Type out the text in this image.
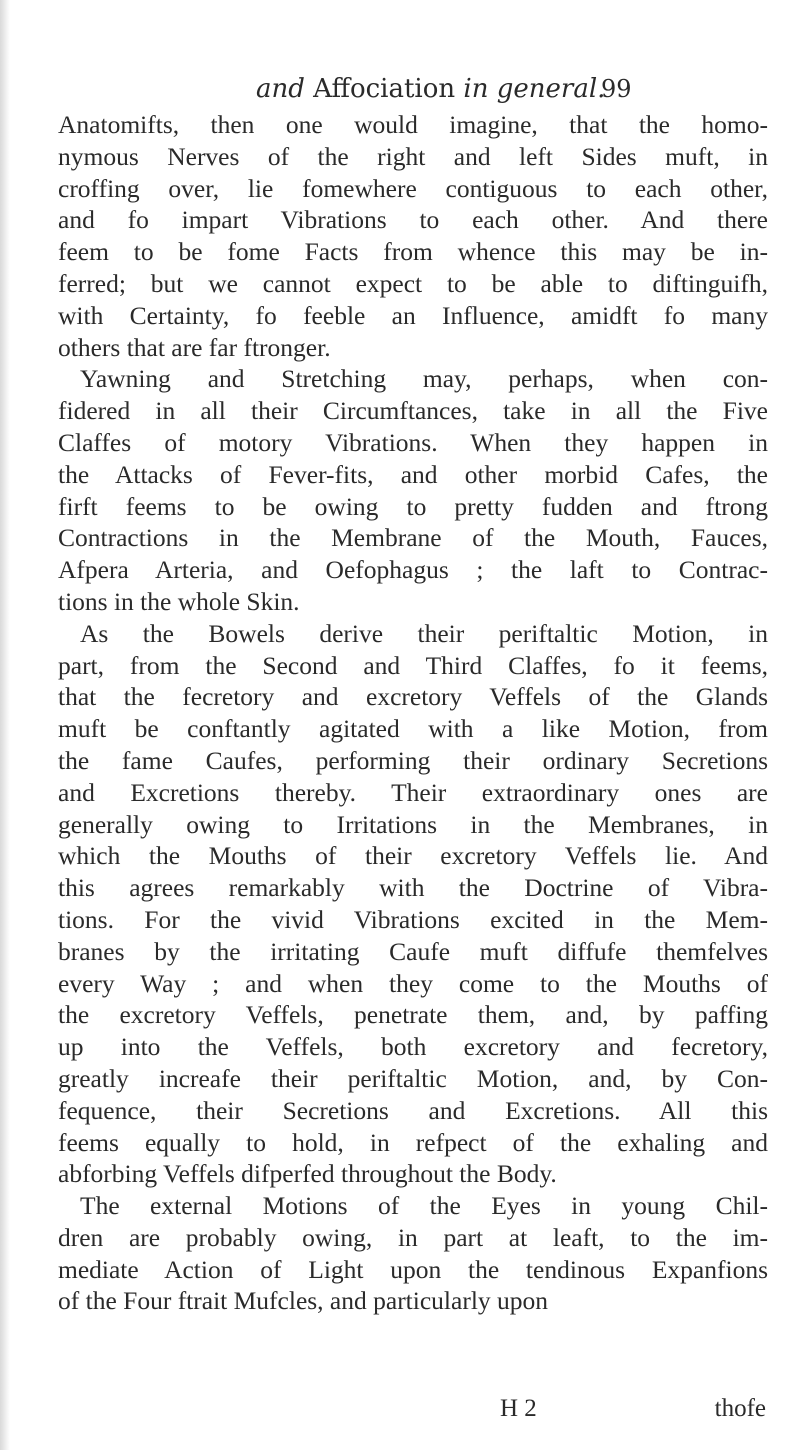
and Affociation in general.
99
Anatomifts, then one would imagine, that the homo-
nymous Nerves of the right and left Sides muft, in
croffing over, lie fomewhere contiguous to each other,
and fo impart Vibrations to each other. And there
feem to be fome Facts from whence this may be in-
ferred; but we cannot expect to be able to diftinguifh,
with Certainty, fo feeble an Influence, amidft fo many
others that are far ftronger.
Yawning and Stretching may, perhaps, when con-
fidered in all their Circumftances, take in all the Five
Claffes of motory Vibrations. When they happen in
the Attacks of Fever-fits, and other morbid Cafes, the
firft feems to be owing to pretty fudden and ftrong
Contractions in the Membrane of the Mouth, Fauces,
Afpera Arteria, and Oefophagus ; the laft to Contrac-
tions in the whole Skin.
As the Bowels derive their periftaltic Motion, in
part, from the Second and Third Claffes, fo it feems,
that the fecretory and excretory Veffels of the Glands
muft be conftantly agitated with a like Motion, from
the fame Caufes, performing their ordinary Secretions
and Excretions thereby. Their extraordinary ones are
generally owing to Irritations in the Membranes, in
which the Mouths of their excretory Veffels lie. And
this agrees remarkably with the Doctrine of Vibra-
tions. For the vivid Vibrations excited in the Mem-
branes by the irritating Caufe muft diffufe themfelves
every Way ; and when they come to the Mouths of
the excretory Veffels, penetrate them, and, by paffing
up into the Veffels, both excretory and fecretory,
greatly increafe their periftaltic Motion, and, by Con-
fequence, their Secretions and Excretions. All this
feems equally to hold, in refpect of the exhaling and
abforbing Veffels difperfed throughout the Body.
The external Motions of the Eyes in young Chil-
dren are probably owing, in part at leaft, to the im-
mediate Action of Light upon the tendinous Expanfions
of the Four ftrait Mufcles, and particularly upon
H 2	thofe
